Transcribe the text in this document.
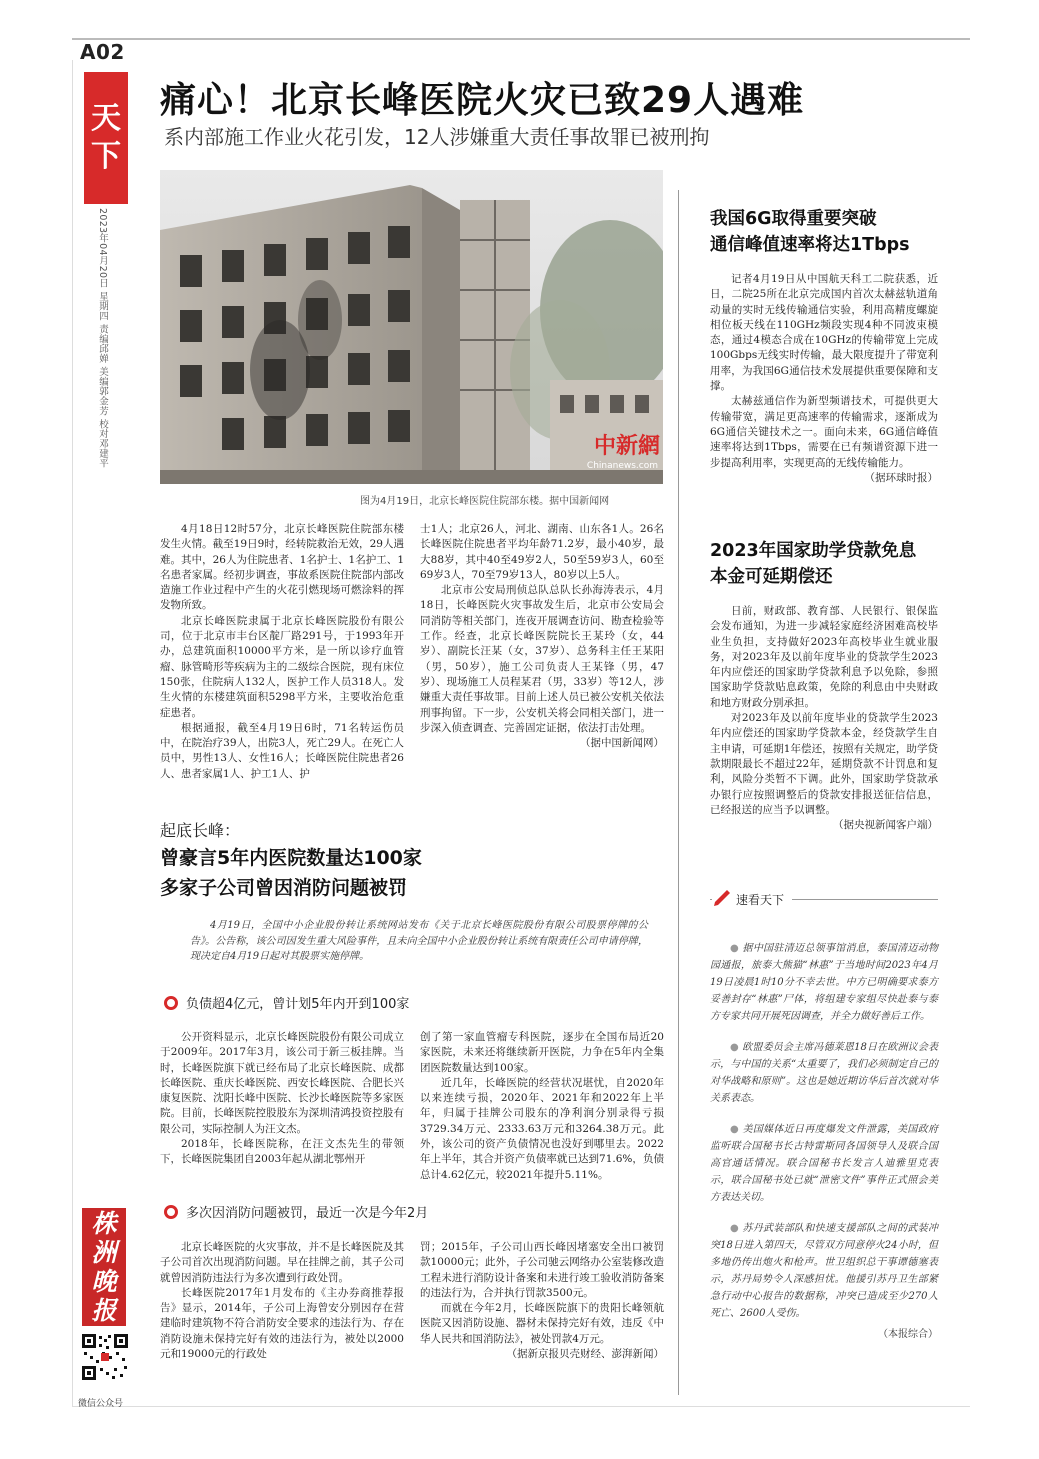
A02
天
下
2023年04月20日 星期四 责编邱婵 美编郭金芳 校对邓建平
痛心！北京长峰医院火灾已致29人遇难
系内部施工作业火花引发，12人涉嫌重大责任事故罪已被刑拘
中新網
Chinanews.com
图为4月19日，北京长峰医院住院部东楼。据中国新闻网

4月18日12时57分，北京长峰医院住院部东楼发生火情。截至19日9时，经转院救治无效，29人遇难。其中，26人为住院患者、1名护士、1名护工、1名患者家属。经初步调查，事故系医院住院部内部改造施工作业过程中产生的火花引燃现场可燃涂料的挥发物所致。

北京长峰医院隶属于北京长峰医院股份有限公司，位于北京市丰台区靛厂路291号，于1993年开办，总建筑面积10000平方米，是一所以诊疗血管瘤、脉管畸形等疾病为主的二级综合医院，现有床位150张，住院病人132人，医护工作人员318人。发生火情的东楼建筑面积5298平方米，主要收治危重症患者。

根据通报，截至4月19日6时，71名转运伤员中，在院治疗39人，出院3人，死亡29人。在死亡人员中，男性13人、女性16人；长峰医院住院患者26人、患者家属1人、护工1人、护

士1人；北京26人，河北、湖南、山东各1人。26名长峰医院住院患者平均年龄71.2岁，最小40岁，最大88岁，其中40至49岁2人，50至59岁3人，60至69岁3人，70至79岁13人，80岁以上5人。

北京市公安局刑侦总队总队长孙海涛表示，4月18日，长峰医院火灾事故发生后，北京市公安局会同消防等相关部门，连夜开展调查访问、勘查检验等工作。经查，北京长峰医院院长王某玲（女，44岁）、副院长汪某（女，37岁）、总务科主任王某阳（男，50岁），施工公司负责人王某锋（男，47岁）、现场施工人员程某君（男，33岁）等12人，涉嫌重大责任事故罪。目前上述人员已被公安机关依法刑事拘留。下一步，公安机关将会同相关部门，进一步深入侦查调查、完善固定证据，依法打击处理。

（据中国新闻网）

起底长峰：
曾豪言5年内医院数量达100家
多家子公司曾因消防问题被罚
4月19日，全国中小企业股份转让系统网站发布《关于北京长峰医院股份有限公司股票停牌的公告》。公告称，该公司因发生重大风险事件，且未向全国中小企业股份转让系统有限责任公司申请停牌，现决定自4月19日起对其股票实施停牌。
负债超4亿元，曾计划5年内开到100家

公开资料显示，北京长峰医院股份有限公司成立于2009年。2017年3月，该公司于新三板挂牌。当时，长峰医院旗下就已经布局了北京长峰医院、成都长峰医院、重庆长峰医院、西安长峰医院、合肥长兴康复医院、沈阳长峰中医院、长沙长峰医院等多家医院。目前，长峰医院控股股东为深圳清鸿投资控股有限公司，实际控制人为汪文杰。

2018年，长峰医院称，在汪文杰先生的带领下，长峰医院集团自2003年起从湖北鄂州开

创了第一家血管瘤专科医院，逐步在全国布局近20家医院，未来还将继续新开医院，力争在5年内全集团医院数量达到100家。

近几年，长峰医院的经营状况堪忧，自2020年以来连续亏损，2020年、2021年和2022年上半年，归属于挂牌公司股东的净利润分别录得亏损3729.34万元、2333.63万元和3264.38万元。此外，该公司的资产负债情况也没好到哪里去。2022年上半年，其合并资产负债率就已达到71.6%，负债总计4.62亿元，较2021年提升5.11%。

多次因消防问题被罚，最近一次是今年2月

北京长峰医院的火灾事故，并不是长峰医院及其子公司首次出现消防问题。早在挂牌之前，其子公司就曾因消防违法行为多次遭到行政处罚。

长峰医院2017年1月发布的《主办券商推荐报告》显示，2014年，子公司上海曾安分别因存在营建临时建筑物不符合消防安全要求的违法行为、存在消防设施未保持完好有效的违法行为，被处以2000元和19000元的行政处

罚；2015年，子公司山西长峰因堵塞安全出口被罚款10000元；此外，子公司驰云网络办公室装修改造工程未进行消防设计备案和未进行竣工验收消防备案的违法行为，合并执行罚款3500元。

而就在今年2月，长峰医院旗下的贵阳长峰领航医院又因消防设施、器材未保持完好有效，违反《中华人民共和国消防法》，被处罚款4万元。

（据新京报贝壳财经、澎湃新闻）

我国6G取得重要突破
通信峰值速率将达1Tbps

记者4月19日从中国航天科工二院获悉，近日，二院25所在北京完成国内首次太赫兹轨道角动量的实时无线传输通信实验，利用高精度螺旋相位板天线在110GHz频段实现4种不同波束模态，通过4模态合成在10GHz的传输带宽上完成100Gbps无线实时传输，最大限度提升了带宽利用率，为我国6G通信技术发展提供重要保障和支撑。

太赫兹通信作为新型频谱技术，可提供更大传输带宽，满足更高速率的传输需求，逐渐成为6G通信关键技术之一。面向未来，6G通信峰值速率将达到1Tbps，需要在已有频谱资源下进一步提高利用率，实现更高的无线传输能力。

（据环球时报）

2023年国家助学贷款免息
本金可延期偿还

日前，财政部、教育部、人民银行、银保监会发布通知，为进一步减轻家庭经济困难高校毕业生负担，支持做好2023年高校毕业生就业服务，对2023年及以前年度毕业的贷款学生2023年内应偿还的国家助学贷款利息予以免除，参照国家助学贷款贴息政策，免除的利息由中央财政和地方财政分别承担。

对2023年及以前年度毕业的贷款学生2023年内应偿还的国家助学贷款本金，经贷款学生自主申请，可延期1年偿还，按照有关规定，助学贷款期限最长不超过22年，延期贷款不计罚息和复利，风险分类暂不下调。此外，国家助学贷款承办银行应按照调整后的贷款安排报送征信信息，已经报送的应当予以调整。

（据央视新闻客户端）

速看天下

● 据中国驻清迈总领事馆消息，泰国清迈动物园通报，旅泰大熊猫“林惠”于当地时间2023年4月19日凌晨1时10分不幸去世。中方已明确要求泰方妥善封存“林惠”尸体，将组建专家组尽快赴泰与泰方专家共同开展死因调查，并全力做好善后工作。

● 欧盟委员会主席冯德莱恩18日在欧洲议会表示，与中国的关系“太重要了，我们必须制定自己的对华战略和原则”。这也是她近期访华后首次就对华关系表态。

● 美国媒体近日再度爆发文件泄露，美国政府监听联合国秘书长古特雷斯同各国领导人及联合国高官通话情况。联合国秘书长发言人迪雅里克表示，联合国秘书处已就“泄密文件”事件正式照会美方表达关切。

● 苏丹武装部队和快速支援部队之间的武装冲突18日进入第四天，尽管双方同意停火24小时，但多地仍传出炮火和枪声。世卫组织总干事谭德塞表示，苏丹局势令人深感担忧。他援引苏丹卫生部紧急行动中心报告的数据称，冲突已造成至少270人死亡、2600人受伤。

（本报综合）

株
洲
晚
报
微信公众号
